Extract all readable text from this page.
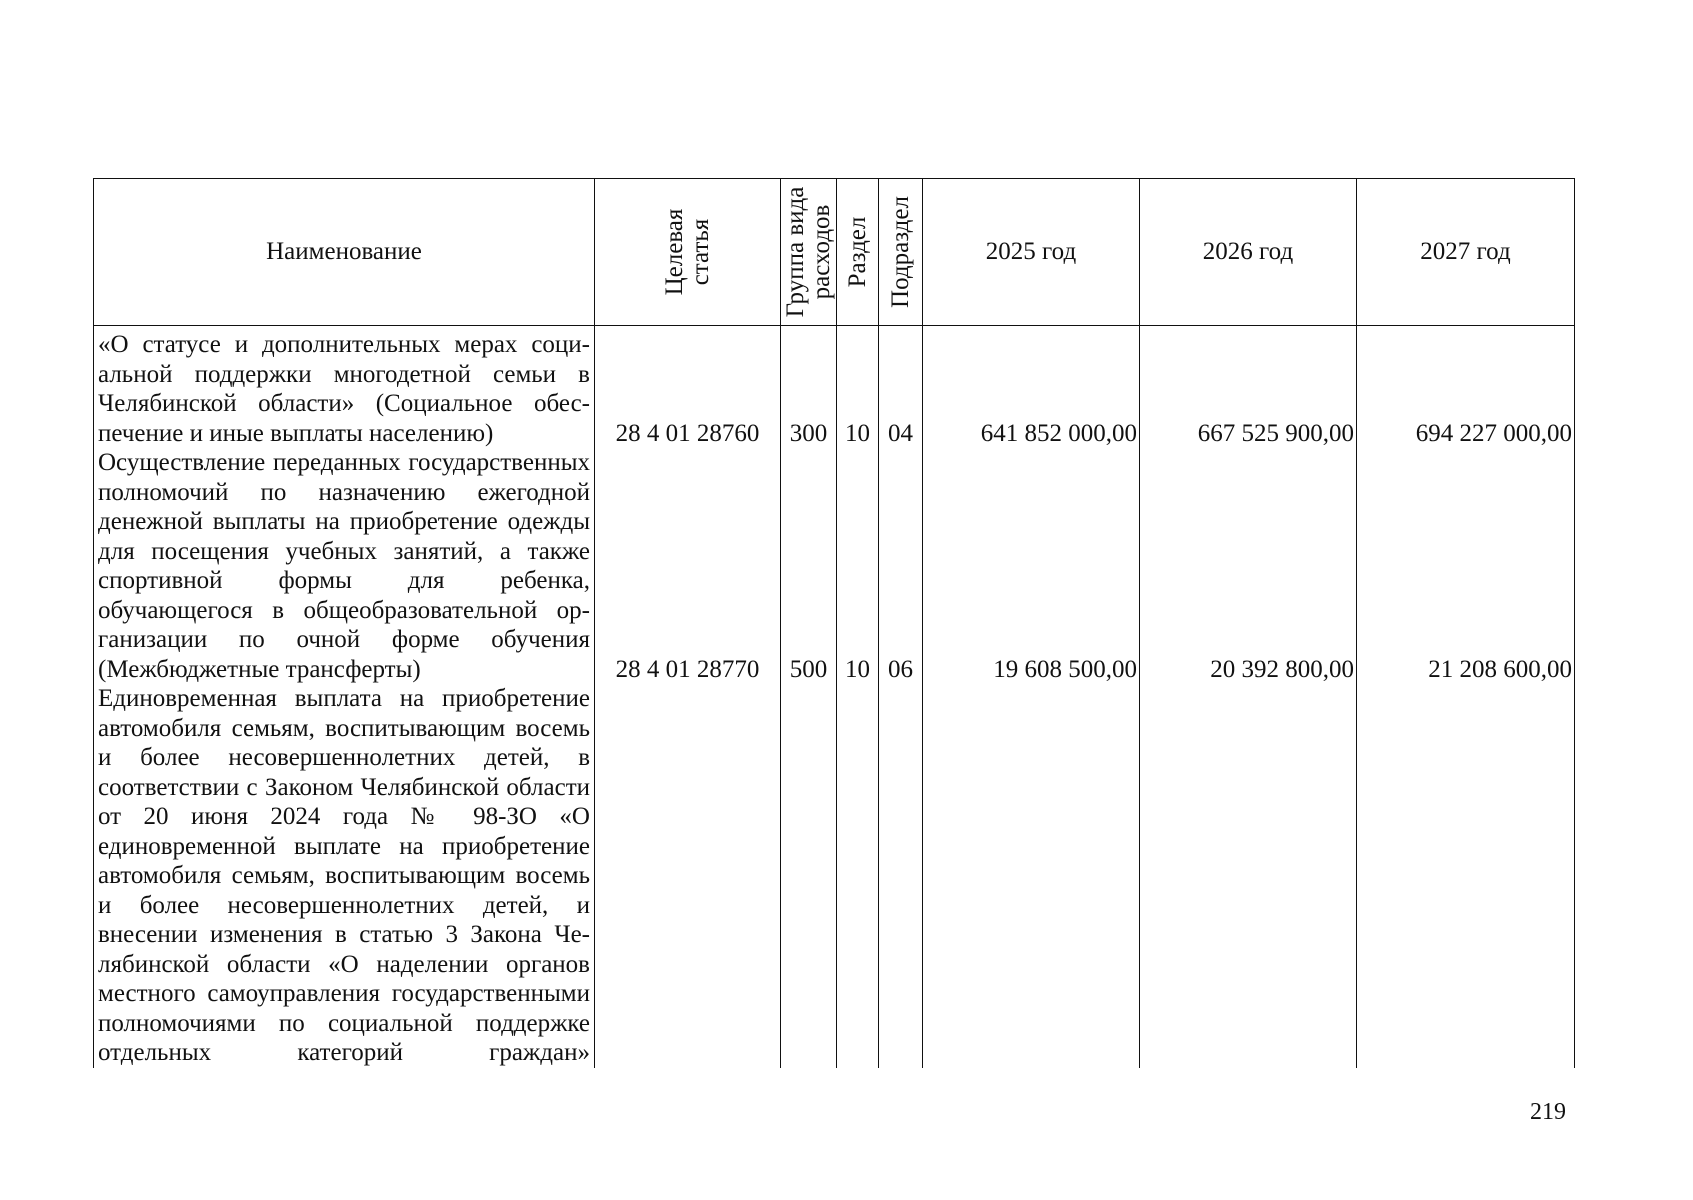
Наименование	Целевая статья	Группа вида расходов	Раздел	Подраздел	2025 год	2026 год	2027 год
«О статусе и дополнительных мерах социальной поддержки многодетной семьи в Челябинской области» (Социальное обеспечение и иные выплаты населению)	28 4 01 28760	300	10	04	641 852 000,00	667 525 900,00	694 227 000,00
Осуществление переданных государственных полномочий по назначению ежегодной денежной выплаты на приобретение одежды для посещения учебных занятий, а также спортивной формы для ребенка, обучающегося в общеобразовательной организации по очной форме обучения (Межбюджетные трансферты)	28 4 01 28770	500	10	06	19 608 500,00	20 392 800,00	21 208 600,00
Единовременная выплата на приобретение автомобиля семьям, воспитывающим восемь и более несовершеннолетних детей, в соответствии с Законом Челябинской области от 20 июня 2024 года № 98-ЗО «О единовременной выплате на приобретение автомобиля семьям, воспитывающим восемь и более несовершеннолетних детей, и внесении изменения в статью 3 Закона Челябинской области «О наделении органов местного самоуправления государственными полномочиями по социальной поддержке отдельных категорий граждан»							
219
